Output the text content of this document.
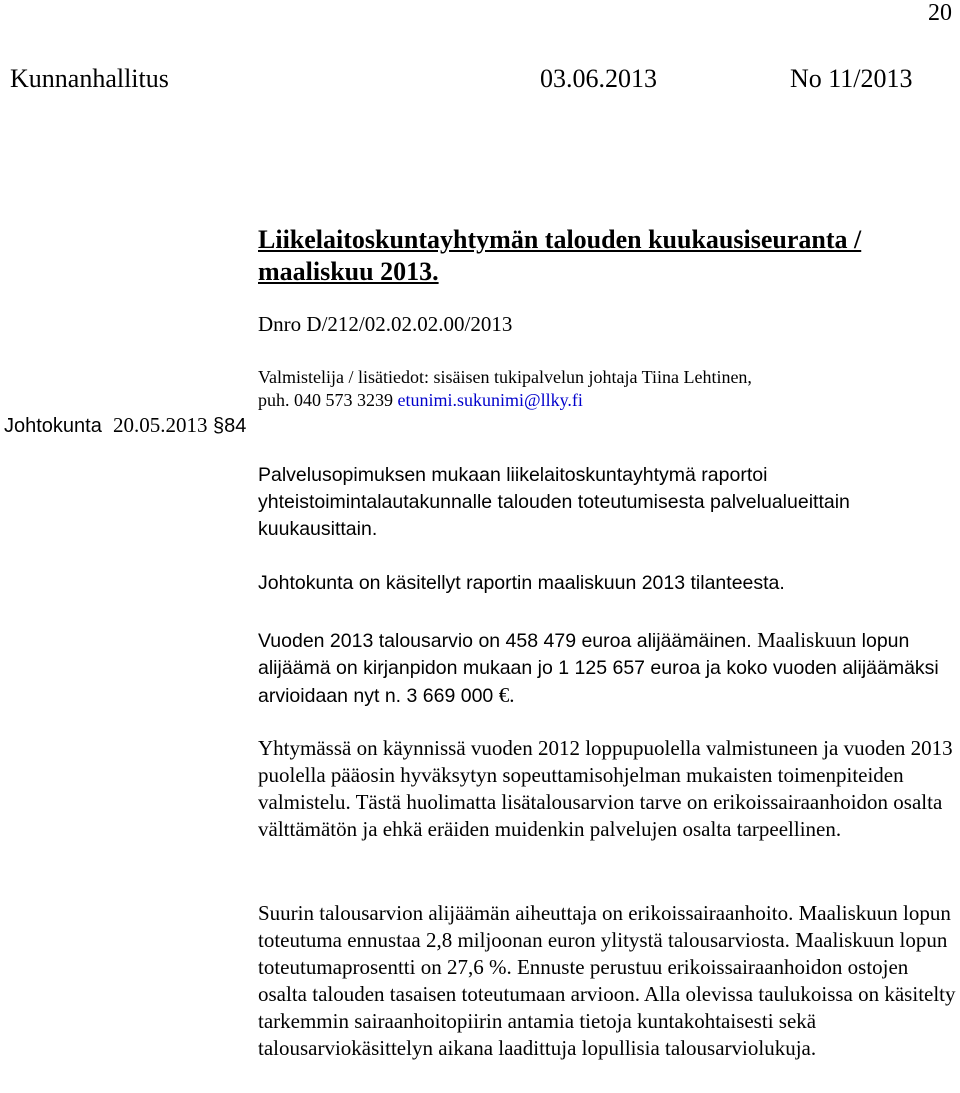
20
Kunnanhallitus	03.06.2013	No 11/2013
Liikelaitoskuntayhtymän talouden kuukausiseuranta / maaliskuu 2013.
Dnro D/212/02.02.02.00/2013
Valmistelija / lisätiedot: sisäisen tukipalvelun johtaja Tiina Lehtinen,
puh. 040 573 3239 etunimi.sukunimi@llky.fi
Johtokunta 20.05.2013 §84
Palvelusopimuksen mukaan liikelaitoskuntayhtymä raportoi yhteistoimintalautakunnalle talouden toteutumisesta palvelualueittain kuukausittain.
Johtokunta on käsitellyt raportin maaliskuun 2013 tilanteesta.
Vuoden 2013 talousarvio on 458 479 euroa alijäämäinen. Maaliskuun lopun alijäämä on kirjanpidon mukaan jo 1 125 657 euroa ja koko vuoden alijäämäksi arvioidaan nyt n. 3 669 000 €.
Yhtymässä on käynnissä vuoden 2012 loppupuolella valmistuneen ja vuoden 2013 puolella pääosin hyväksytyn sopeuttamisohjelman mukaisten toimenpiteiden valmistelu. Tästä huolimatta lisätalousarvion tarve on erikoissairaanhoidon osalta välttämätön ja ehkä eräiden muidenkin palvelujen osalta tarpeellinen.
Suurin talousarvion alijäämän aiheuttaja on erikoissairaanhoito. Maaliskuun lopun toteutuma ennustaa 2,8 miljoonan euron ylitystä talousarviosta. Maaliskuun lopun toteutumaprosentti on 27,6 %. Ennuste perustuu erikoissairaanhoidon ostojen osalta talouden tasaisen toteutumaan arvioon. Alla olevissa taulukoissa on käsitelty tarkemmin sairaanhoitopiirin antamia tietoja kuntakohtaisesti sekä talousarviokäsittelyn aikana laadittuja lopullisia talousarviolukuja.
